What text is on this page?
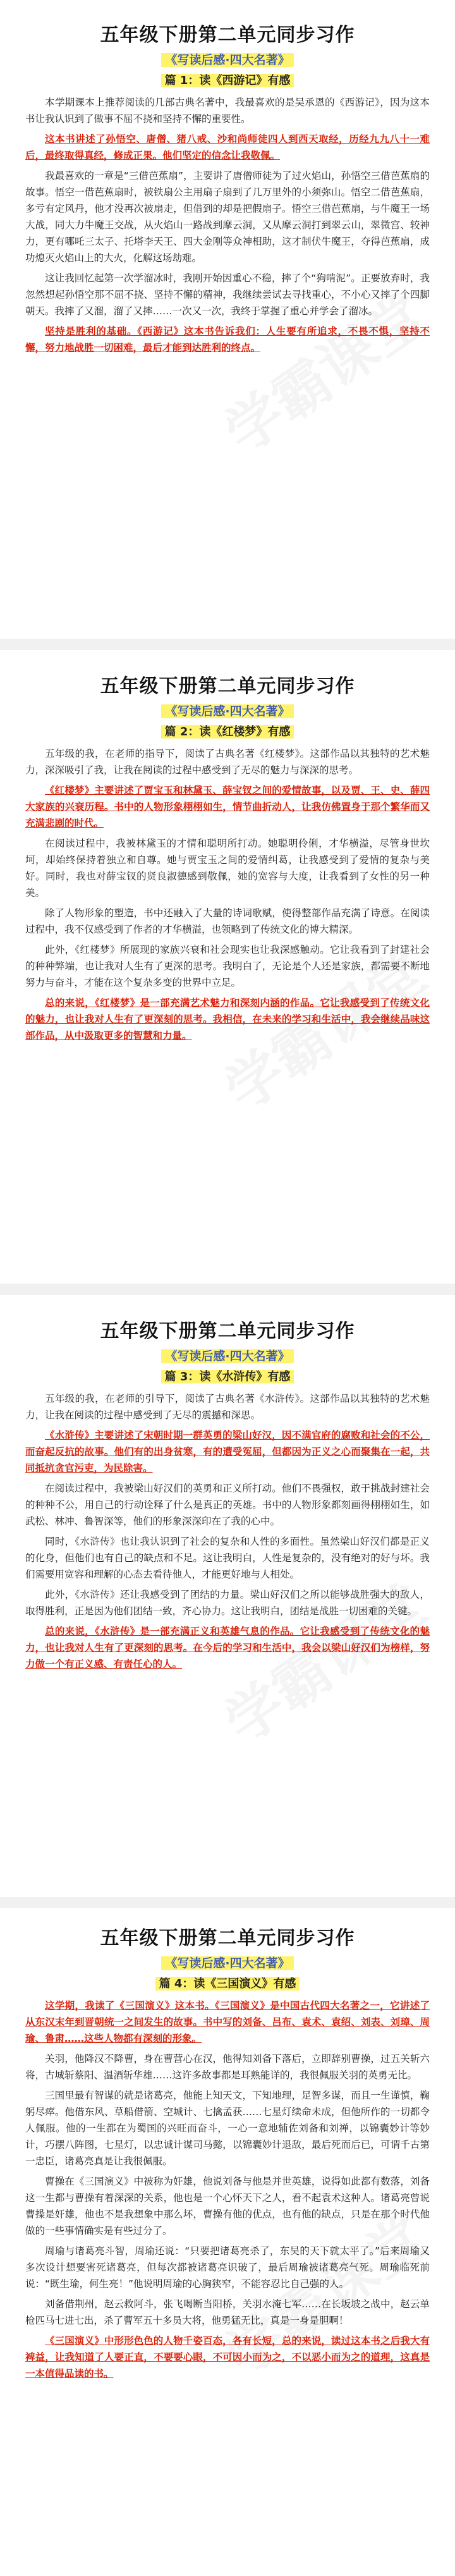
五年级下册第二单元同步习作
《写读后感·四大名著》
篇 1：读《西游记》有感

本学期课本上推荐阅读的几部古典名著中，我最喜欢的是吴承恩的《西游记》，因为这本书让我认识到了做事不屈不挠和坚持不懈的重要性。

这本书讲述了孙悟空、唐僧、猪八戒、沙和尚师徒四人到西天取经，历经九九八十一难后，最终取得真经，修成正果。他们坚定的信念让我敬佩。

我最喜欢的一章是“三借芭蕉扇”，主要讲了唐僧师徒为了过火焰山，孙悟空三借芭蕉扇的故事。悟空一借芭蕉扇时，被铁扇公主用扇子扇到了几万里外的小须弥山。悟空二借芭蕉扇，多亏有定风丹，他才没再次被扇走，但借到的却是把假扇子。悟空三借芭蕉扇，与牛魔王一场大战，同大力牛魔王交战，从火焰山一路战到摩云洞，又从摩云洞打到翠云山，翠微宫、较神力，更有哪吒三太子、托塔李天王、四大金刚等众神相助，这才制伏牛魔王，夺得芭蕉扇，成功熄灭火焰山上的大火，化解这场劫难。

这让我回忆起第一次学溜冰时，我刚开始因重心不稳，摔了个“狗啃泥”。正要放弃时，我忽然想起孙悟空那不屈不挠、坚持不懈的精神，我继续尝试去寻找重心，不小心又摔了个四脚朝天。我摔了又溜，溜了又摔……一次又一次，我终于掌握了重心并学会了溜冰。

坚持是胜利的基础。《西游记》这本书告诉我们：人生要有所追求，不畏不惧，坚持不懈，努力地战胜一切困难，最后才能到达胜利的终点。

五年级下册第二单元同步习作
《写读后感·四大名著》
篇 2：读《红楼梦》有感

五年级的我，在老师的指导下，阅读了古典名著《红楼梦》。这部作品以其独特的艺术魅力，深深吸引了我，让我在阅读的过程中感受到了无尽的魅力与深深的思考。

《红楼梦》主要讲述了贾宝玉和林黛玉、薛宝钗之间的爱情故事，以及贾、王、史、薛四大家族的兴衰历程。书中的人物形象栩栩如生，情节曲折动人，让我仿佛置身于那个繁华而又充满悲剧的时代。

在阅读过程中，我被林黛玉的才情和聪明所打动。她聪明伶俐，才华横溢，尽管身世坎坷，却始终保持着独立和自尊。她与贾宝玉之间的爱情纠葛，让我感受到了爱情的复杂与美好。同时，我也对薛宝钗的贤良淑德感到敬佩，她的宽容与大度，让我看到了女性的另一种美。

除了人物形象的塑造，书中还融入了大量的诗词歌赋，使得整部作品充满了诗意。在阅读过程中，我不仅感受到了作者的才华横溢，也领略到了传统文化的博大精深。

此外，《红楼梦》所展现的家族兴衰和社会现实也让我深感触动。它让我看到了封建社会的种种弊端，也让我对人生有了更深的思考。我明白了，无论是个人还是家族，都需要不断地努力与奋斗，才能在这个复杂多变的世界中立足。

总的来说，《红楼梦》是一部充满艺术魅力和深刻内涵的作品。它让我感受到了传统文化的魅力，也让我对人生有了更深刻的思考。我相信，在未来的学习和生活中，我会继续品味这部作品，从中汲取更多的智慧和力量。

五年级下册第二单元同步习作
《写读后感·四大名著》
篇 3：读《水浒传》有感

五年级的我，在老师的引导下，阅读了古典名著《水浒传》。这部作品以其独特的艺术魅力，让我在阅读的过程中感受到了无尽的震撼和深思。

《水浒传》主要讲述了宋朝时期一群英勇的梁山好汉，因不满官府的腐败和社会的不公，而奋起反抗的故事。他们有的出身贫寒，有的遭受冤屈，但都因为正义之心而聚集在一起，共同抵抗贪官污吏，为民除害。

在阅读过程中，我被梁山好汉们的英勇和正义所打动。他们不畏强权，敢于挑战封建社会的种种不公，用自己的行动诠释了什么是真正的英雄。书中的人物形象都刻画得栩栩如生，如武松、林冲、鲁智深等，他们的形象深深印在了我的心中。

同时，《水浒传》也让我认识到了社会的复杂和人性的多面性。虽然梁山好汉们都是正义的化身，但他们也有自己的缺点和不足。这让我明白，人性是复杂的，没有绝对的好与坏。我们需要用宽容和理解的心态去看待他人，才能更好地与人相处。

此外，《水浒传》还让我感受到了团结的力量。梁山好汉们之所以能够战胜强大的敌人，取得胜利，正是因为他们团结一致，齐心协力。这让我明白，团结是战胜一切困难的关键。

总的来说，《水浒传》是一部充满正义和英雄气息的作品。它让我感受到了传统文化的魅力，也让我对人生有了更深刻的思考。在今后的学习和生活中，我会以梁山好汉们为榜样，努力做一个有正义感、有责任心的人。

五年级下册第二单元同步习作
《写读后感·四大名著》
篇 4：读《三国演义》有感

这学期，我读了《三国演义》这本书。《三国演义》是中国古代四大名著之一，它讲述了从东汉末年到晋朝统一之间发生的故事。书中写的刘备、吕布、袁术、袁绍、刘表、刘璋、周瑜、鲁肃……这些人物都有深刻的形象。

关羽，他降汉不降曹，身在曹营心在汉，他得知刘备下落后，立即辞别曹操，过五关斩六将，古城斩蔡阳、温酒斩华雄……这许多故事都是耳熟能详的，我很佩服关羽的英勇无比。

三国里最有智谋的就是诸葛亮，他能上知天文，下知地理，足智多谋，而且一生谨慎，鞠躬尽瘁。他借东风、草船借箭、空城计、七擒孟获……七星灯续命未成，但他所作的一切都令人佩服。他的一生都在为蜀国的兴旺而奋斗，一心一意地辅佐刘备和刘禅，以锦囊妙计等妙计，巧摆八阵图，七星灯，以忠诚计谋司马懿，以锦囊妙计退敌，最后死而后已，可谓千古第一忠臣，诸葛亮真是让我很佩服。

曹操在《三国演义》中被称为奸雄，他说刘备与他是并世英雄，说得如此都有数落，刘备这一生都与曹操有着深深的关系，他也是一个心怀天下之人，看不起袁术这种人。诸葛亮曾说曹操是奸雄，他也不是我想象中那么坏，曹操有他的优点，也有他的缺点，只是在那个时代他做的一些事情确实是有些过分了。

周瑜与诸葛亮斗智，周瑜还说：“只要把诸葛亮杀了，东吴的天下就太平了。”后来周瑜又多次设计想要害死诸葛亮，但每次都被诸葛亮识破了，最后周瑜被诸葛亮气死。周瑜临死前说：“既生瑜，何生亮！”他说明周瑜的心胸狭窄，不能容忍比自己强的人。

刘备借荆州，赵云救阿斗，张飞喝断当阳桥，关羽水淹七军……在长坂坡之战中，赵云单枪匹马七进七出，杀了曹军五十多员大将，他勇猛无比，真是一身是胆啊！

《三国演义》中形形色色的人物千姿百态，各有长短，总的来说，读过这本书之后我大有裨益，让我知道了人要正直，不要要心眼，不可因小而为之，不以恶小而为之的道理，这真是一本值得品读的书。
